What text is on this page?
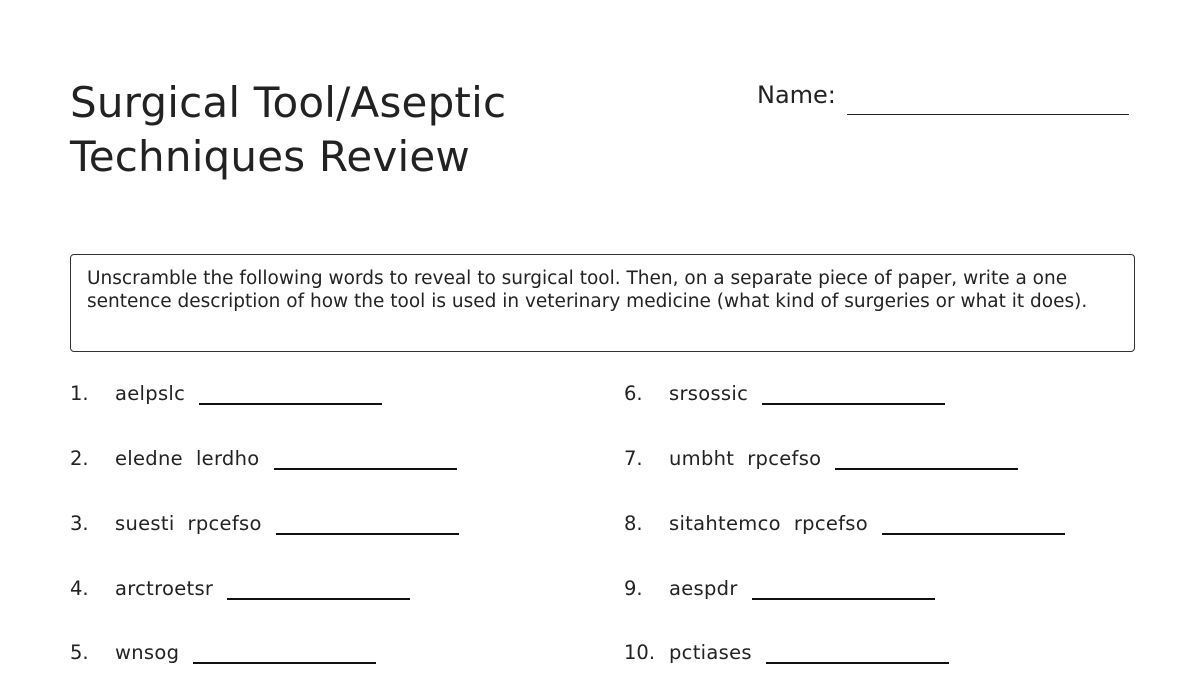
Surgical Tool/Aseptic
Techniques Review
Name:
Unscramble the following words to reveal to surgical tool. Then, on a separate piece of paper, write a one sentence description of how the tool is used in veterinary medicine (what kind of surgeries or what it does).
1.	aelpslc
2.	eledne  lerdho
3.	suesti  rpcefso
4.	arctroetsr
5.	wnsog
6.	srsossic
7.	umbht  rpcefso
8.	sitahtemco  rpcefso
9.	aespdr
10. pctiases
